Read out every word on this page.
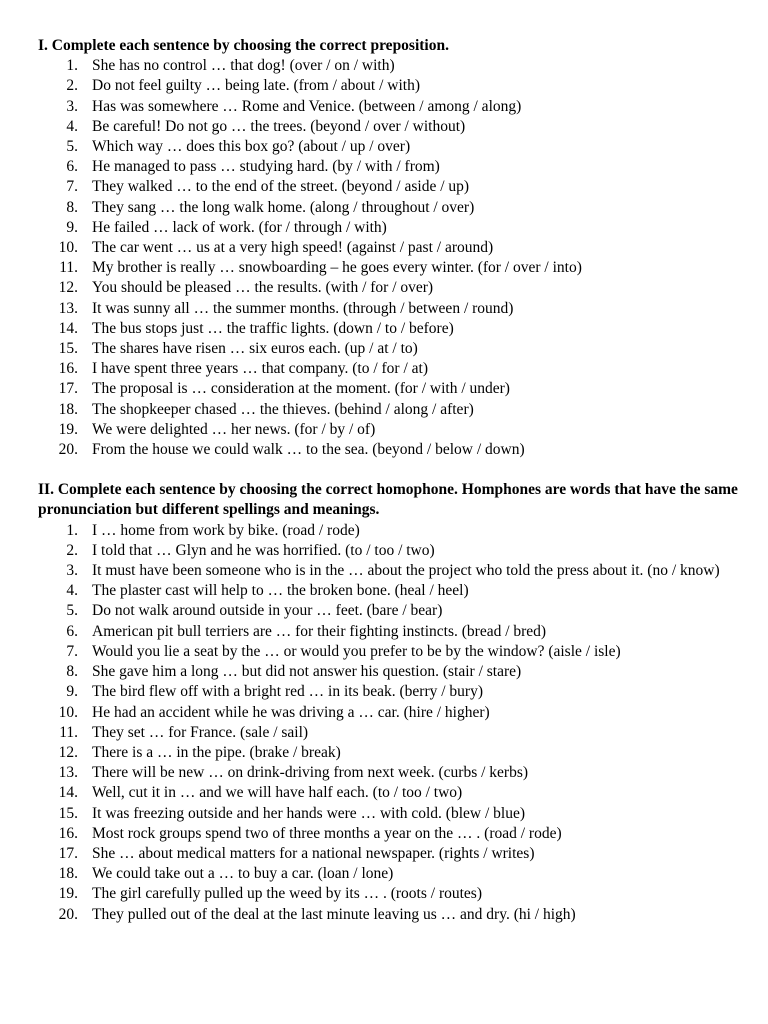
I. Complete each sentence by choosing the correct preposition.

1. She has no control … that dog! (over / on / with)
2. Do not feel guilty … being late. (from / about / with)
3. Has was somewhere … Rome and Venice. (between / among / along)
4. Be careful! Do not go … the trees. (beyond / over / without)
5. Which way … does this box go? (about / up / over)
6. He managed to pass … studying hard. (by / with / from)
7. They walked … to the end of the street. (beyond / aside / up)
8. They sang … the long walk home. (along / throughout / over)
9. He failed … lack of work. (for / through / with)
10. The car went … us at a very high speed! (against / past / around)
11. My brother is really … snowboarding – he goes every winter. (for / over / into)
12. You should be pleased … the results. (with / for / over)
13. It was sunny all … the summer months. (through / between / round)
14. The bus stops just … the traffic lights. (down / to / before)
15. The shares have risen … six euros each. (up / at / to)
16. I have spent three years … that company. (to / for / at)
17. The proposal is … consideration at the moment. (for / with / under)
18. The shopkeeper chased … the thieves. (behind / along / after)
19. We were delighted … her news. (for / by / of)
20. From the house we could walk … to the sea. (beyond / below / down)

II. Complete each sentence by choosing the correct homophone. Homphones are words that have the same pronunciation but different spellings and meanings.

1. I … home from work by bike. (road / rode)
2. I told that … Glyn and he was horrified. (to / too / two)
3. It must have been someone who is in the … about the project who told the press about it. (no / know)
4. The plaster cast will help to … the broken bone. (heal / heel)
5. Do not walk around outside in your … feet. (bare / bear)
6. American pit bull terriers are … for their fighting instincts. (bread / bred)
7. Would you lie a seat by the … or would you prefer to be by the window? (aisle / isle)
8. She gave him a long … but did not answer his question. (stair / stare)
9. The bird flew off with a bright red … in its beak. (berry / bury)
10. He had an accident while he was driving a … car. (hire / higher)
11. They set … for France. (sale / sail)
12. There is a … in the pipe. (brake / break)
13. There will be new … on drink-driving from next week. (curbs / kerbs)
14. Well, cut it in … and we will have half each. (to / too / two)
15. It was freezing outside and her hands were … with cold. (blew / blue)
16. Most rock groups spend two of three months a year on the … . (road / rode)
17. She … about medical matters for a national newspaper. (rights / writes)
18. We could take out a … to buy a car. (loan / lone)
19. The girl carefully pulled up the weed by its … . (roots / routes)
20. They pulled out of the deal at the last minute leaving us … and dry. (hi / high)
